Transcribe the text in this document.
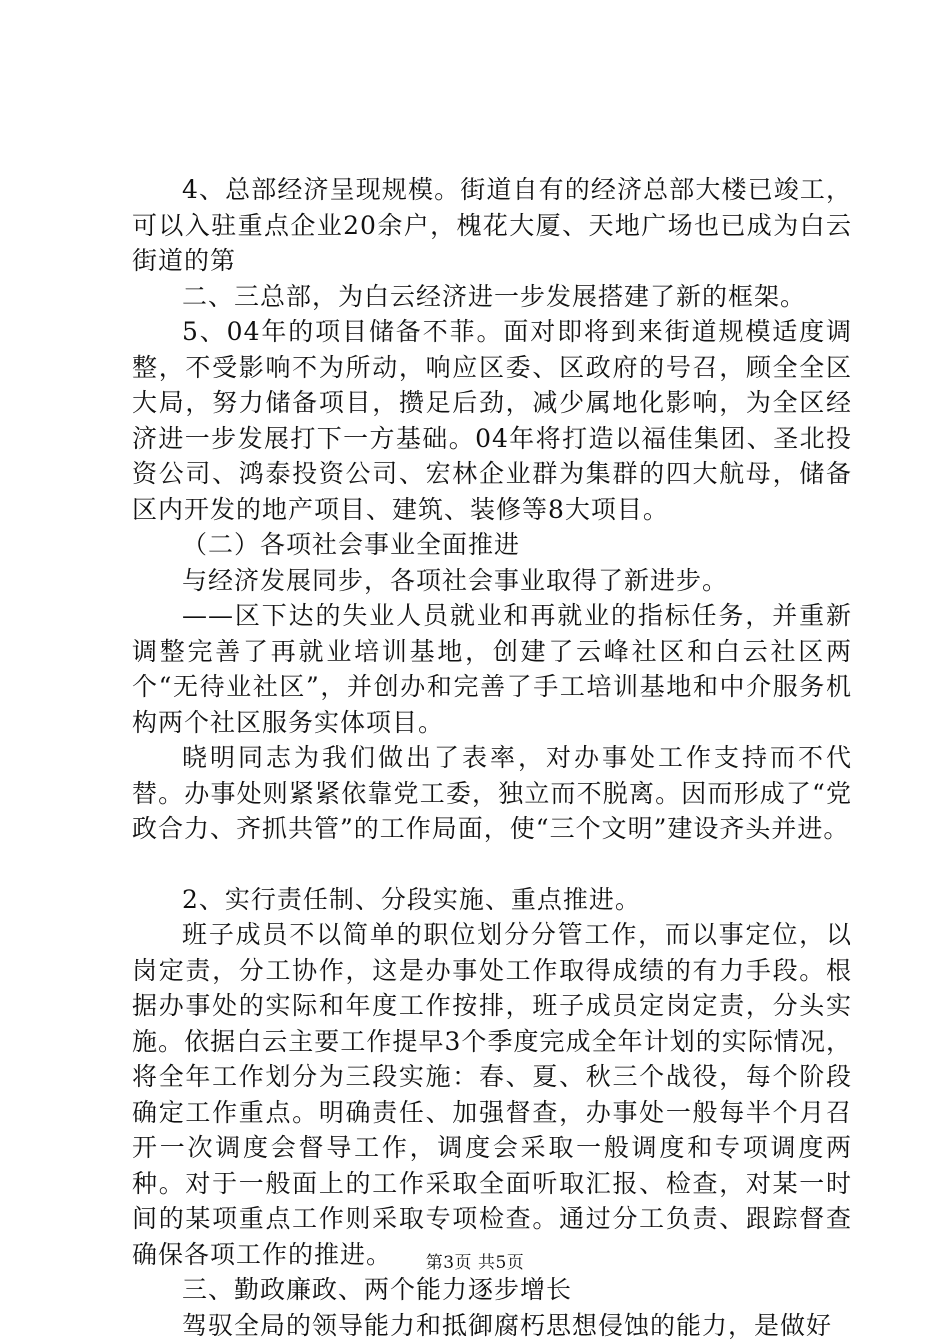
4、总部经济呈现规模。街道自有的经济总部大楼已竣工，可以入驻重点企业20余户，槐花大厦、天地广场也已成为白云街道的第

二、三总部，为白云经济进一步发展搭建了新的框架。

5、04年的项目储备不菲。面对即将到来街道规模适度调整，不受影响不为所动，响应区委、区政府的号召，顾全全区大局，努力储备项目，攒足后劲，减少属地化影响，为全区经济进一步发展打下一方基础。04年将打造以福佳集团、圣北投资公司、鸿泰投资公司、宏林企业群为集群的四大航母，储备区内开发的地产项目、建筑、装修等8大项目。

（二）各项社会事业全面推进

与经济发展同步，各项社会事业取得了新进步。

——区下达的失业人员就业和再就业的指标任务，并重新调整完善了再就业培训基地，创建了云峰社区和白云社区两个“无待业社区”，并创办和完善了手工培训基地和中介服务机构两个社区服务实体项目。

晓明同志为我们做出了表率，对办事处工作支持而不代替。办事处则紧紧依靠党工委，独立而不脱离。因而形成了“党政合力、齐抓共管”的工作局面，使“三个文明”建设齐头并进。

2、实行责任制、分段实施、重点推进。

班子成员不以简单的职位划分分管工作，而以事定位，以岗定责，分工协作，这是办事处工作取得成绩的有力手段。根据办事处的实际和年度工作按排，班子成员定岗定责，分头实施。依据白云主要工作提早3个季度完成全年计划的实际情况，将全年工作划分为三段实施：春、夏、秋三个战役，每个阶段确定工作重点。明确责任、加强督查，办事处一般每半个月召开一次调度会督导工作，调度会采取一般调度和专项调度两种。对于一般面上的工作采取全面听取汇报、检查，对某一时间的某项重点工作则采取专项检查。通过分工负责、跟踪督查确保各项工作的推进。

三、勤政廉政、两个能力逐步增长

驾驭全局的领导能力和抵御腐朽思想侵蚀的能力，是做好

第3页 共5页
